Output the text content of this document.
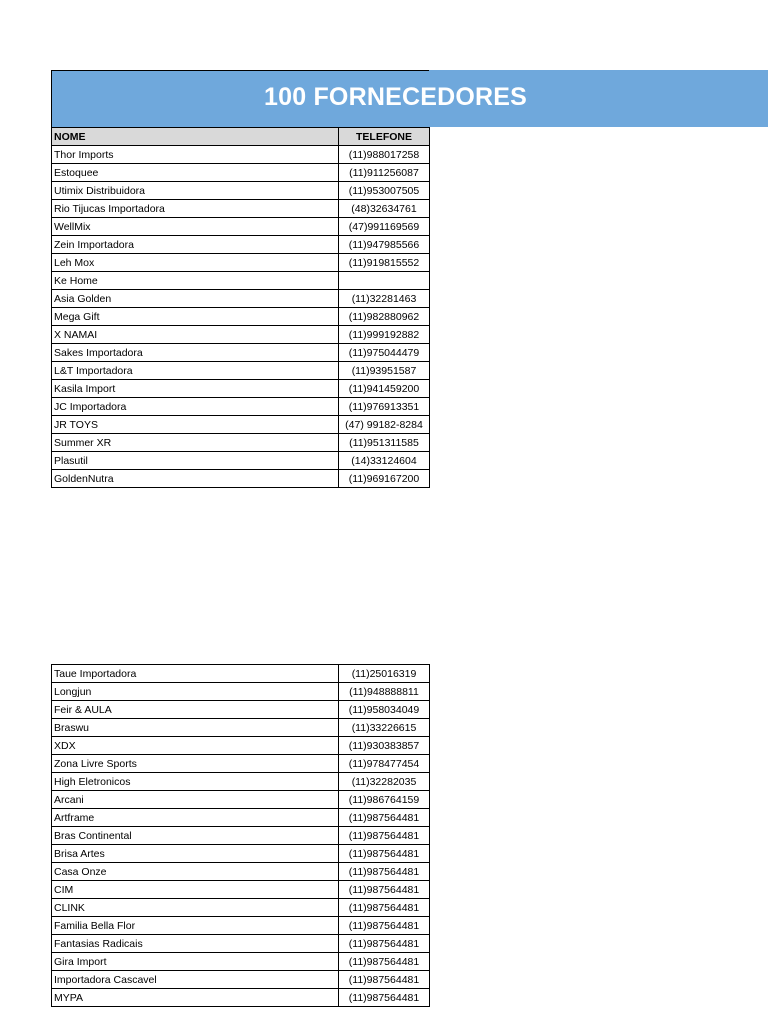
100 FORNECEDORES
NOME	TELEFONE
Thor Imports	(11)988017258
Estoquee	(11)911256087
Utimix Distribuidora	(11)953007505
Rio Tijucas Importadora	(48)32634761
WellMix	(47)991169569
Zein Importadora	(11)947985566
Leh Mox	(11)919815552
Ke Home	
Asia Golden	(11)32281463
Mega Gift	(11)982880962
X NAMAI	(11)999192882
Sakes Importadora	(11)975044479
L&T Importadora	(11)93951587
Kasila Import	(11)941459200
JC Importadora	(11)976913351
JR TOYS	(47) 99182-8284
Summer XR	(11)951311585
Plasutil	(14)33124604
GoldenNutra	(11)969167200
Taue Importadora	(11)25016319
Longjun	(11)948888811
Feir & AULA	(11)958034049
Braswu	(11)33226615
XDX	(11)930383857
Zona Livre Sports	(11)978477454
High Eletronicos	(11)32282035
Arcani	(11)986764159
Artframe	(11)987564481
Bras Continental	(11)987564481
Brisa Artes	(11)987564481
Casa Onze	(11)987564481
CIM	(11)987564481
CLINK	(11)987564481
Familia Bella Flor	(11)987564481
Fantasias Radicais	(11)987564481
Gira Import	(11)987564481
Importadora Cascavel	(11)987564481
MYPA	(11)987564481
